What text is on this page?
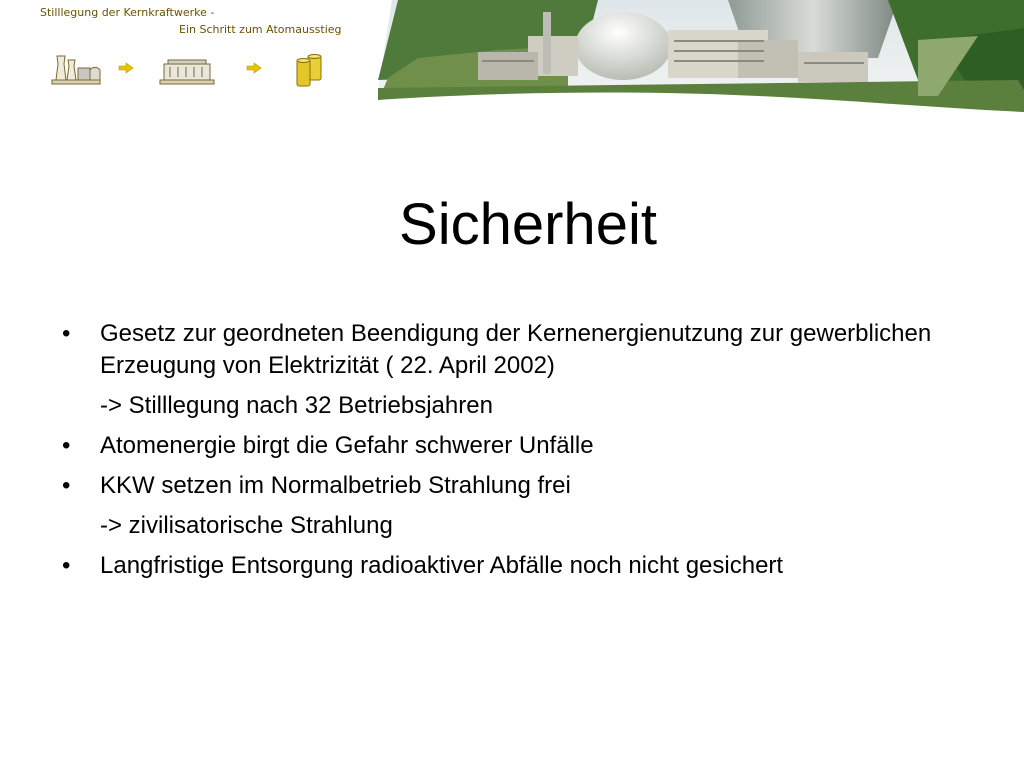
Stilllegung der Kernkraftwerke -
Ein Schritt zum Atomausstieg
Sicherheit
•	Gesetz zur geordneten Beendigung der Kernenergienutzung zur gewerblichen Erzeugung von Elektrizität ( 22. April 2002)
-> Stilllegung nach 32 Betriebsjahren
•	Atomenergie birgt die Gefahr schwerer Unfälle
•	KKW setzen im Normalbetrieb Strahlung frei
-> zivilisatorische Strahlung
•	Langfristige Entsorgung radioaktiver Abfälle noch nicht gesichert
